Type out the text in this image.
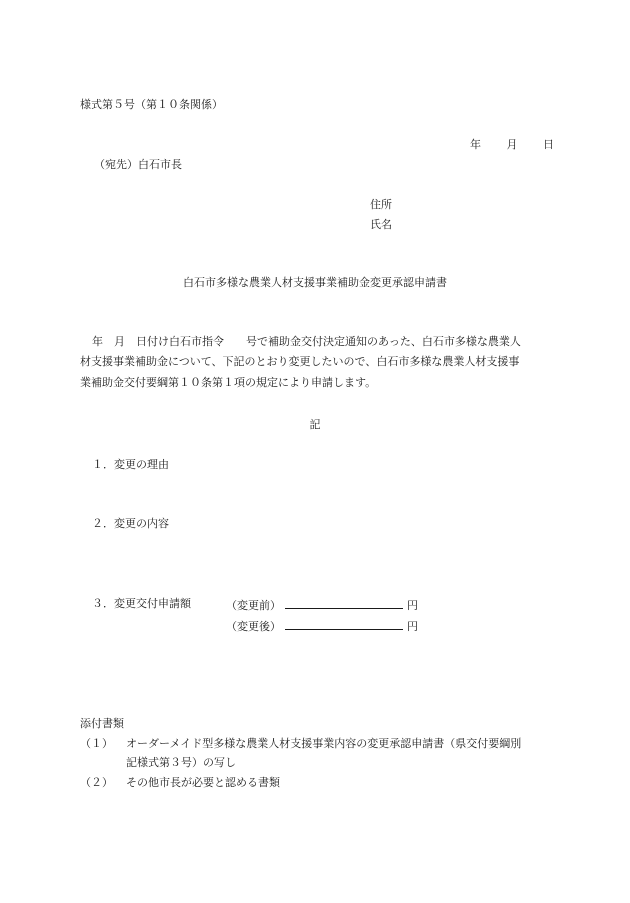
様式第５号（第１０条関係）
年 月 日
（宛先）白石市長
住所
氏名
白石市多様な農業人材支援事業補助金変更承認申請書
年　月　日付け白石市指令　　号で補助金交付決定通知のあった、白石市多様な農業人
材支援事業補助金について、下記のとおり変更したいので、白石市多様な農業人材支援事
業補助金交付要綱第１０条第１項の規定により申請します。
記
１．変更の理由
２．変更の内容
３．変更交付申請額	（変更前）	円
（変更後）	円
添付書類
（１） オーダーメイド型多様な農業人材支援事業内容の変更承認申請書（県交付要綱別
記様式第３号）の写し
（２） その他市長が必要と認める書類
